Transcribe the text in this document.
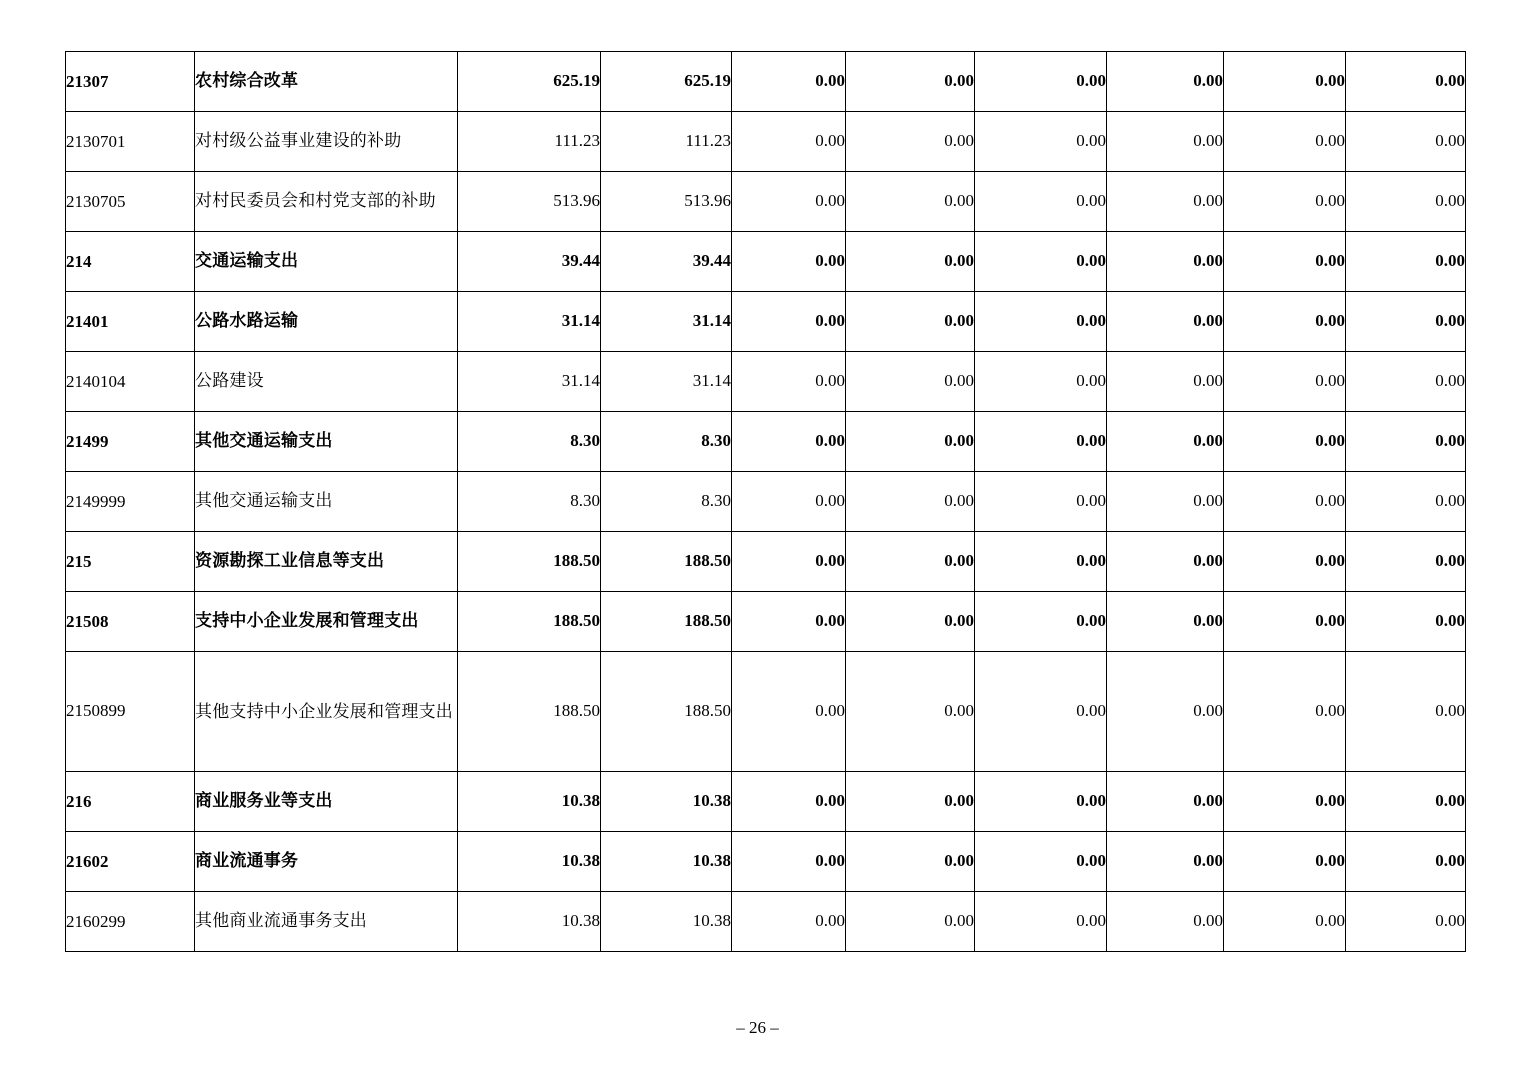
21307	农村综合改革	625.19	625.19	0.00	0.00	0.00	0.00	0.00	0.00
2130701	对村级公益事业建设的补助	111.23	111.23	0.00	0.00	0.00	0.00	0.00	0.00
2130705	对村民委员会和村党支部的补助	513.96	513.96	0.00	0.00	0.00	0.00	0.00	0.00
214	交通运输支出	39.44	39.44	0.00	0.00	0.00	0.00	0.00	0.00
21401	公路水路运输	31.14	31.14	0.00	0.00	0.00	0.00	0.00	0.00
2140104	公路建设	31.14	31.14	0.00	0.00	0.00	0.00	0.00	0.00
21499	其他交通运输支出	8.30	8.30	0.00	0.00	0.00	0.00	0.00	0.00
2149999	其他交通运输支出	8.30	8.30	0.00	0.00	0.00	0.00	0.00	0.00
215	资源勘探工业信息等支出	188.50	188.50	0.00	0.00	0.00	0.00	0.00	0.00
21508	支持中小企业发展和管理支出	188.50	188.50	0.00	0.00	0.00	0.00	0.00	0.00
2150899	其他支持中小企业发展和管理支出	188.50	188.50	0.00	0.00	0.00	0.00	0.00	0.00
216	商业服务业等支出	10.38	10.38	0.00	0.00	0.00	0.00	0.00	0.00
21602	商业流通事务	10.38	10.38	0.00	0.00	0.00	0.00	0.00	0.00
2160299	其他商业流通事务支出	10.38	10.38	0.00	0.00	0.00	0.00	0.00	0.00
– 26 –
